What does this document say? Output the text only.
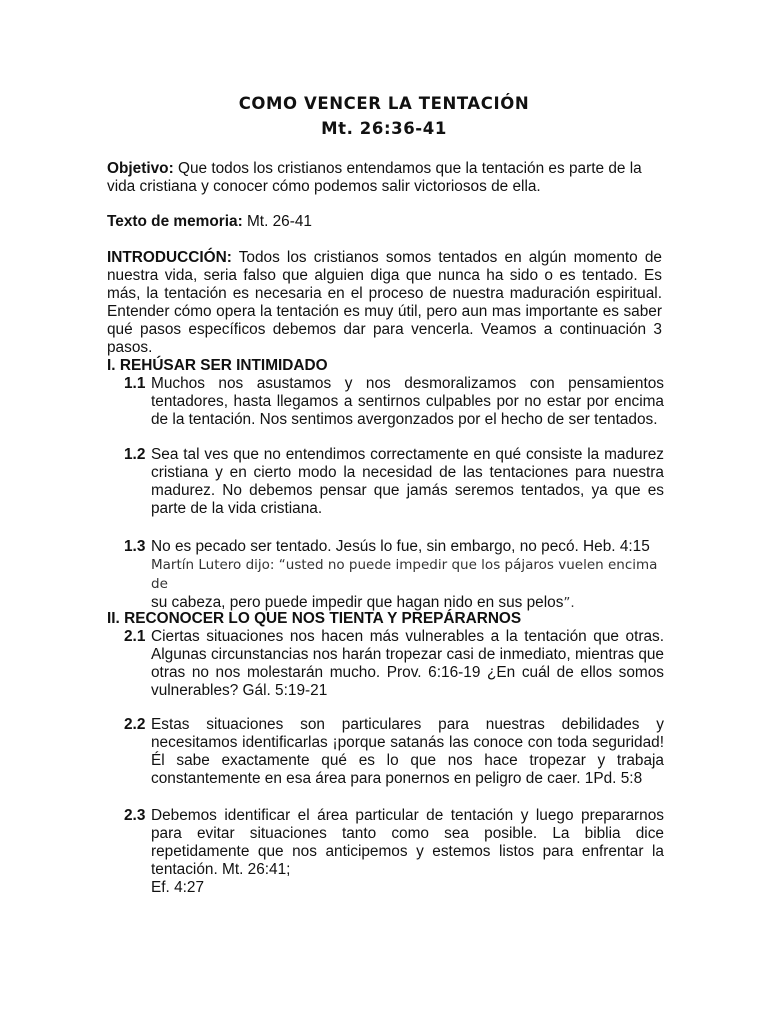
COMO VENCER LA TENTACIÓN
Mt. 26:36-41
Objetivo: Que todos los cristianos entendamos que la tentación es parte de la vida cristiana y conocer cómo podemos salir victoriosos de ella.
Texto de memoria: Mt. 26-41
INTRODUCCIÓN: Todos los cristianos somos tentados en algún momento de nuestra vida, seria falso que alguien diga que nunca ha sido o es tentado. Es más, la tentación es necesaria en el proceso de nuestra maduración espiritual. Entender cómo opera la tentación es muy útil, pero aun mas importante es saber qué pasos específicos debemos dar para vencerla. Veamos a continuación 3 pasos.
I. REHÚSAR SER INTIMIDADO
1.1 Muchos nos asustamos y nos desmoralizamos con pensamientos tentadores, hasta llegamos a sentirnos culpables por no estar por encima de la tentación. Nos sentimos avergonzados por el hecho de ser tentados.
1.2 Sea tal ves que no entendimos correctamente en qué consiste la madurez cristiana y en cierto modo la necesidad de las tentaciones para nuestra madurez. No debemos pensar que jamás seremos tentados, ya que es parte de la vida cristiana.
1.3 No es pecado ser tentado. Jesús lo fue, sin embargo, no pecó. Heb. 4:15
Martín Lutero dijo: “usted no puede impedir que los pájaros vuelen encima de
su cabeza, pero puede impedir que hagan nido en sus pelos”.
II. RECONOCER LO QUE NOS TIENTA Y PREPÁRARNOS
2.1 Ciertas situaciones nos hacen más vulnerables a la tentación que otras. Algunas circunstancias nos harán tropezar casi de inmediato, mientras que otras no nos molestarán mucho. Prov. 6:16-19 ¿En cuál de ellos somos vulnerables? Gál. 5:19-21
2.2 Estas situaciones son particulares para nuestras debilidades y necesitamos identificarlas ¡porque satanás las conoce con toda seguridad! Él sabe exactamente qué es lo que nos hace tropezar y trabaja constantemente en esa área para ponernos en peligro de caer. 1Pd. 5:8
2.3 Debemos identificar el área particular de tentación y luego prepararnos para evitar situaciones tanto como sea posible. La biblia dice repetidamente que nos anticipemos y estemos listos para enfrentar la tentación. Mt. 26:41;
Ef. 4:27
